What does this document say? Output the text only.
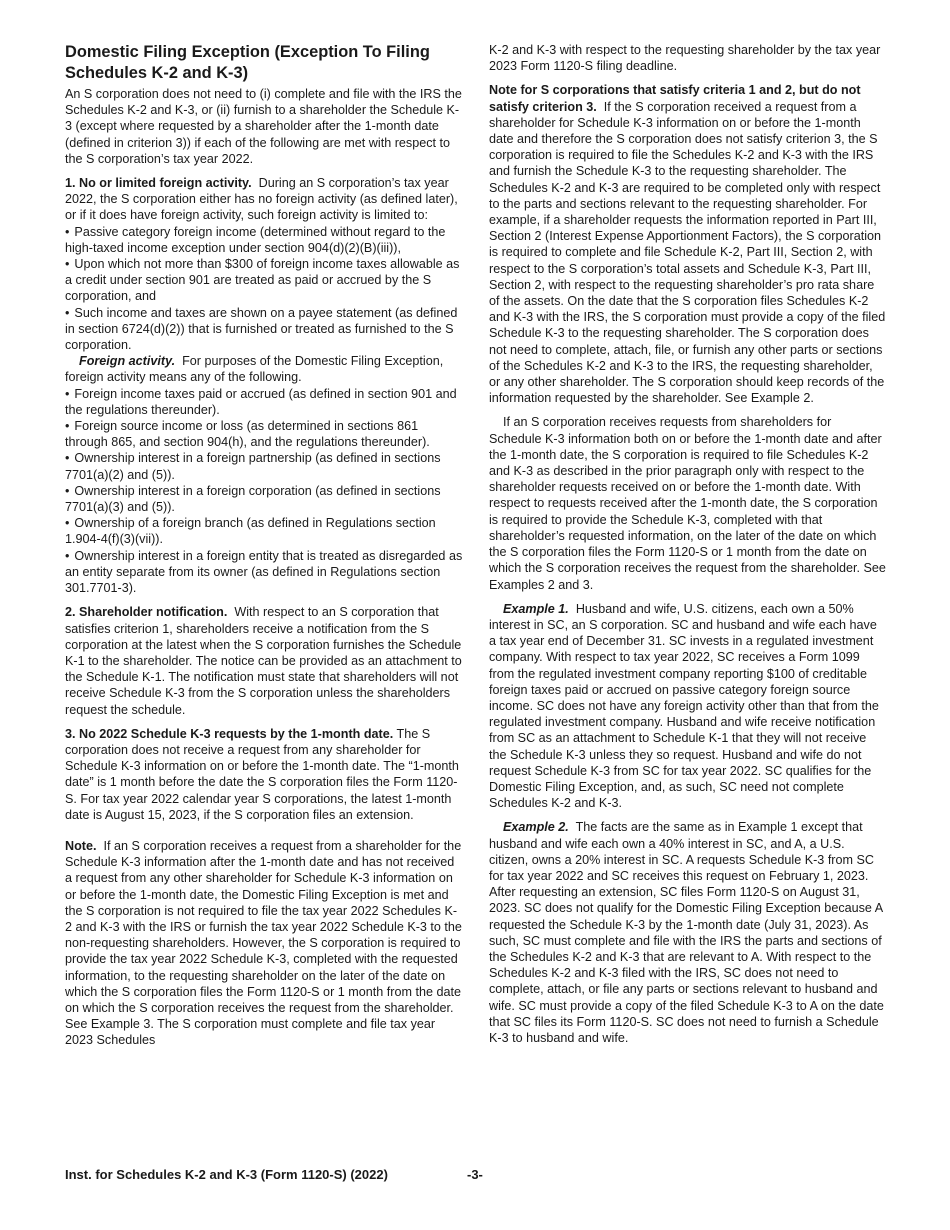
Domestic Filing Exception (Exception To Filing Schedules K-2 and K-3)

An S corporation does not need to (i) complete and file with the IRS the Schedules K-2 and K-3, or (ii) furnish to a shareholder the Schedule K-3 (except where requested by a shareholder after the 1-month date (defined in criterion 3)) if each of the following are met with respect to the S corporation’s tax year 2022.

1. No or limited foreign activity. During an S corporation’s tax year 2022, the S corporation either has no foreign activity (as defined later), or if it does have foreign activity, such foreign activity is limited to:

• Passive category foreign income (determined without regard to the high-taxed income exception under section 904(d)(2)(B)(iii)),

• Upon which not more than $300 of foreign income taxes allowable as a credit under section 901 are treated as paid or accrued by the S corporation, and

• Such income and taxes are shown on a payee statement (as defined in section 6724(d)(2)) that is furnished or treated as furnished to the S corporation.

Foreign activity. For purposes of the Domestic Filing Exception, foreign activity means any of the following.

• Foreign income taxes paid or accrued (as defined in section 901 and the regulations thereunder).

• Foreign source income or loss (as determined in sections 861 through 865, and section 904(h), and the regulations thereunder).

• Ownership interest in a foreign partnership (as defined in sections 7701(a)(2) and (5)).

• Ownership interest in a foreign corporation (as defined in sections 7701(a)(3) and (5)).

• Ownership of a foreign branch (as defined in Regulations section 1.904-4(f)(3)(vii)).

• Ownership interest in a foreign entity that is treated as disregarded as an entity separate from its owner (as defined in Regulations section 301.7701-3).

2. Shareholder notification. With respect to an S corporation that satisfies criterion 1, shareholders receive a notification from the S corporation at the latest when the S corporation furnishes the Schedule K-1 to the shareholder. The notice can be provided as an attachment to the Schedule K-1. The notification must state that shareholders will not receive Schedule K-3 from the S corporation unless the shareholders request the schedule.

3. No 2022 Schedule K-3 requests by the 1-month date. The S corporation does not receive a request from any shareholder for Schedule K-3 information on or before the 1-month date. The “1-month date” is 1 month before the date the S corporation files the Form 1120-S. For tax year 2022 calendar year S corporations, the latest 1-month date is August 15, 2023, if the S corporation files an extension.

Note. If an S corporation receives a request from a shareholder for the Schedule K-3 information after the 1-month date and has not received a request from any other shareholder for Schedule K-3 information on or before the 1-month date, the Domestic Filing Exception is met and the S corporation is not required to file the tax year 2022 Schedules K-2 and K-3 with the IRS or furnish the tax year 2022 Schedule K-3 to the non-requesting shareholders. However, the S corporation is required to provide the tax year 2022 Schedule K-3, completed with the requested information, to the requesting shareholder on the later of the date on which the S corporation files the Form 1120-S or 1 month from the date on which the S corporation receives the request from the shareholder. See Example 3. The S corporation must complete and file tax year 2023 Schedules

K-2 and K-3 with respect to the requesting shareholder by the tax year 2023 Form 1120-S filing deadline.

Note for S corporations that satisfy criteria 1 and 2, but do not satisfy criterion 3. If the S corporation received a request from a shareholder for Schedule K-3 information on or before the 1-month date and therefore the S corporation does not satisfy criterion 3, the S corporation is required to file the Schedules K-2 and K-3 with the IRS and furnish the Schedule K-3 to the requesting shareholder. The Schedules K-2 and K-3 are required to be completed only with respect to the parts and sections relevant to the requesting shareholder. For example, if a shareholder requests the information reported in Part III, Section 2 (Interest Expense Apportionment Factors), the S corporation is required to complete and file Schedule K-2, Part III, Section 2, with respect to the S corporation’s total assets and Schedule K-3, Part III, Section 2, with respect to the requesting shareholder’s pro rata share of the assets. On the date that the S corporation files Schedules K-2 and K-3 with the IRS, the S corporation must provide a copy of the filed Schedule K-3 to the requesting shareholder. The S corporation does not need to complete, attach, file, or furnish any other parts or sections of the Schedules K-2 and K-3 to the IRS, the requesting shareholder, or any other shareholder. The S corporation should keep records of the information requested by the shareholder. See Example 2.

If an S corporation receives requests from shareholders for Schedule K-3 information both on or before the 1-month date and after the 1-month date, the S corporation is required to file Schedules K-2 and K-3 as described in the prior paragraph only with respect to the shareholder requests received on or before the 1-month date. With respect to requests received after the 1-month date, the S corporation is required to provide the Schedule K-3, completed with that shareholder’s requested information, on the later of the date on which the S corporation files the Form 1120-S or 1 month from the date on which the S corporation receives the request from the shareholder. See Examples 2 and 3.

Example 1. Husband and wife, U.S. citizens, each own a 50% interest in SC, an S corporation. SC and husband and wife each have a tax year end of December 31. SC invests in a regulated investment company. With respect to tax year 2022, SC receives a Form 1099 from the regulated investment company reporting $100 of creditable foreign taxes paid or accrued on passive category foreign source income. SC does not have any foreign activity other than that from the regulated investment company. Husband and wife receive notification from SC as an attachment to Schedule K-1 that they will not receive the Schedule K-3 unless they so request. Husband and wife do not request Schedule K-3 from SC for tax year 2022. SC qualifies for the Domestic Filing Exception, and, as such, SC need not complete Schedules K-2 and K-3.

Example 2. The facts are the same as in Example 1 except that husband and wife each own a 40% interest in SC, and A, a U.S. citizen, owns a 20% interest in SC. A requests Schedule K-3 from SC for tax year 2022 and SC receives this request on February 1, 2023. After requesting an extension, SC files Form 1120-S on August 31, 2023. SC does not qualify for the Domestic Filing Exception because A requested the Schedule K-3 by the 1-month date (July 31, 2023). As such, SC must complete and file with the IRS the parts and sections of the Schedules K-2 and K-3 that are relevant to A. With respect to the Schedules K-2 and K-3 filed with the IRS, SC does not need to complete, attach, or file any parts or sections relevant to husband and wife. SC must provide a copy of the filed Schedule K-3 to A on the date that SC files its Form 1120-S. SC does not need to furnish a Schedule K-3 to husband and wife.

Inst. for Schedules K-2 and K-3 (Form 1120-S) (2022)	-3-
